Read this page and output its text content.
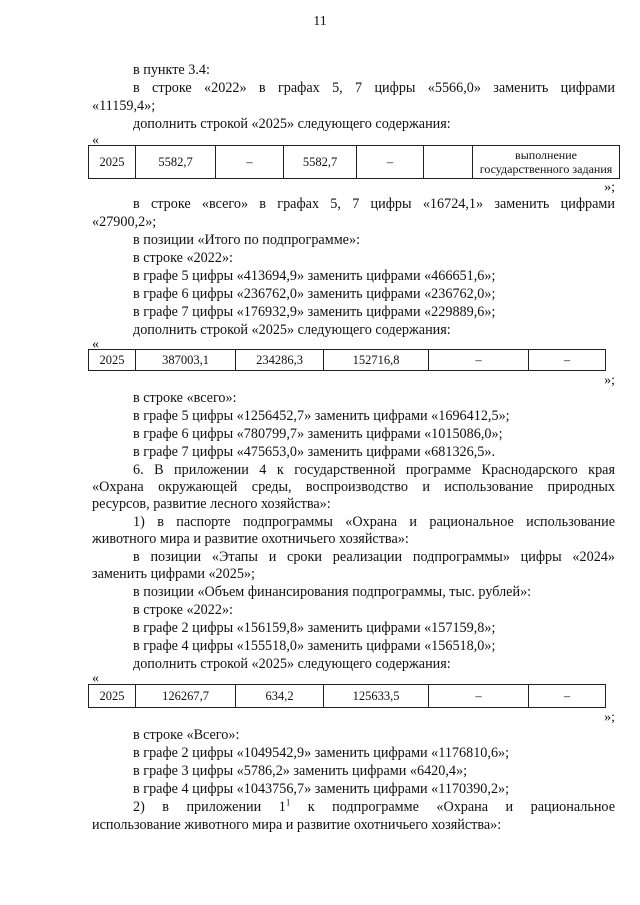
11
в пункте 3.4:
в строке «2022» в графах 5, 7 цифры «5566,0» заменить цифрами
«11159,4»;
дополнить строкой «2025» следующего содержания:
«
2025	5582,7	–	5582,7	–		выполнение
государственного задания
»;
в строке «всего» в графах 5, 7 цифры «16724,1» заменить цифрами
«27900,2»;
в позиции «Итого по подпрограмме»:
в строке «2022»:
в графе 5 цифры «413694,9» заменить цифрами «466651,6»;
в графе 6 цифры «236762,0» заменить цифрами «236762,0»;
в графе 7 цифры «176932,9» заменить цифрами «229889,6»;
дополнить строкой «2025» следующего содержания:
«
2025	387003,1	234286,3	152716,8	–	–
»;
в строке «всего»:
в графе 5 цифры «1256452,7» заменить цифрами «1696412,5»;
в графе 6 цифры «780799,7» заменить цифрами «1015086,0»;
в графе 7 цифры «475653,0» заменить цифрами «681326,5».
6. В приложении 4 к государственной программе Краснодарского края
«Охрана окружающей среды, воспроизводство и использование природных
ресурсов, развитие лесного хозяйства»:
1) в паспорте подпрограммы «Охрана и рациональное использование
животного мира и развитие охотничьего хозяйства»:
в позиции «Этапы и сроки реализации подпрограммы» цифры «2024»
заменить цифрами «2025»;
в позиции «Объем финансирования подпрограммы, тыс. рублей»:
в строке «2022»:
в графе 2 цифры «156159,8» заменить цифрами «157159,8»;
в графе 4 цифры «155518,0» заменить цифрами «156518,0»;
дополнить строкой «2025» следующего содержания:
«
2025	126267,7	634,2	125633,5	–	–
»;
в строке «Всего»:
в графе 2 цифры «1049542,9» заменить цифрами «1176810,6»;
в графе 3 цифры «5786,2» заменить цифрами «6420,4»;
в графе 4 цифры «1043756,7» заменить цифрами «1170390,2»;
2) в приложении $1^1$ к подпрограмме «Охрана и рациональное
использование животного мира и развитие охотничьего хозяйства»:
